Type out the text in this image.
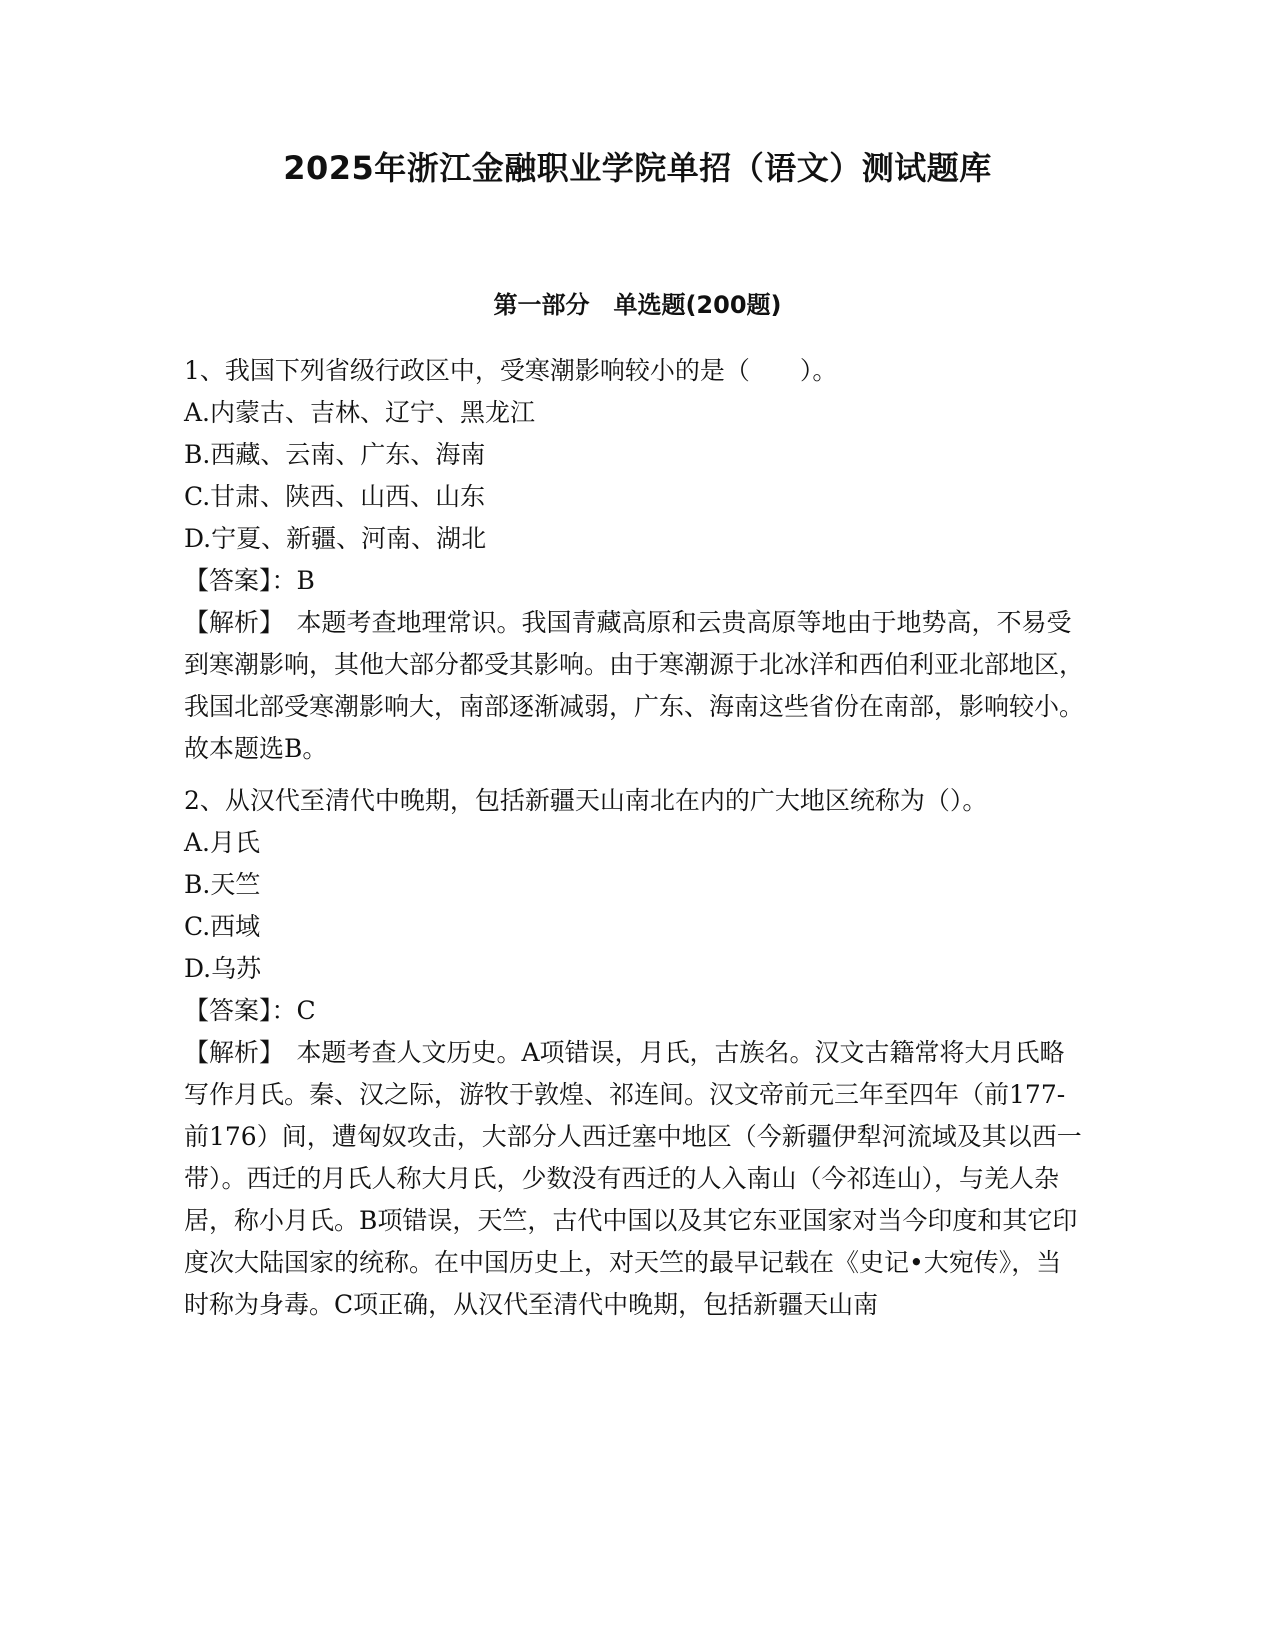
2025年浙江金融职业学院单招（语文）测试题库
第一部分　单选题(200题)
1、我国下列省级行政区中，受寒潮影响较小的是（　　）。
A.内蒙古、吉林、辽宁、黑龙江
B.西藏、云南、广东、海南
C.甘肃、陕西、山西、山东
D.宁夏、新疆、河南、湖北
【答案】：B
【解析】　本题考查地理常识。我国青藏高原和云贵高原等地由于地势高，不易受到寒潮影响，其他大部分都受其影响。由于寒潮源于北冰洋和西伯利亚北部地区，我国北部受寒潮影响大，南部逐渐减弱，广东、海南这些省份在南部，影响较小。故本题选B。
2、从汉代至清代中晚期，包括新疆天山南北在内的广大地区统称为（）。
A.月氏
B.天竺
C.西域
D.乌苏
【答案】：C
【解析】　本题考查人文历史。A项错误，月氏，古族名。汉文古籍常将大月氏略写作月氏。秦、汉之际，游牧于敦煌、祁连间。汉文帝前元三年至四年（前177-前176）间，遭匈奴攻击，大部分人西迁塞中地区（今新疆伊犁河流域及其以西一带）。西迁的月氏人称大月氏，少数没有西迁的人入南山（今祁连山），与羌人杂居，称小月氏。B项错误，天竺，古代中国以及其它东亚国家对当今印度和其它印度次大陆国家的统称。在中国历史上，对天竺的最早记载在《史记•大宛传》，当时称为身毒。C项正确，从汉代至清代中晚期，包括新疆天山南
